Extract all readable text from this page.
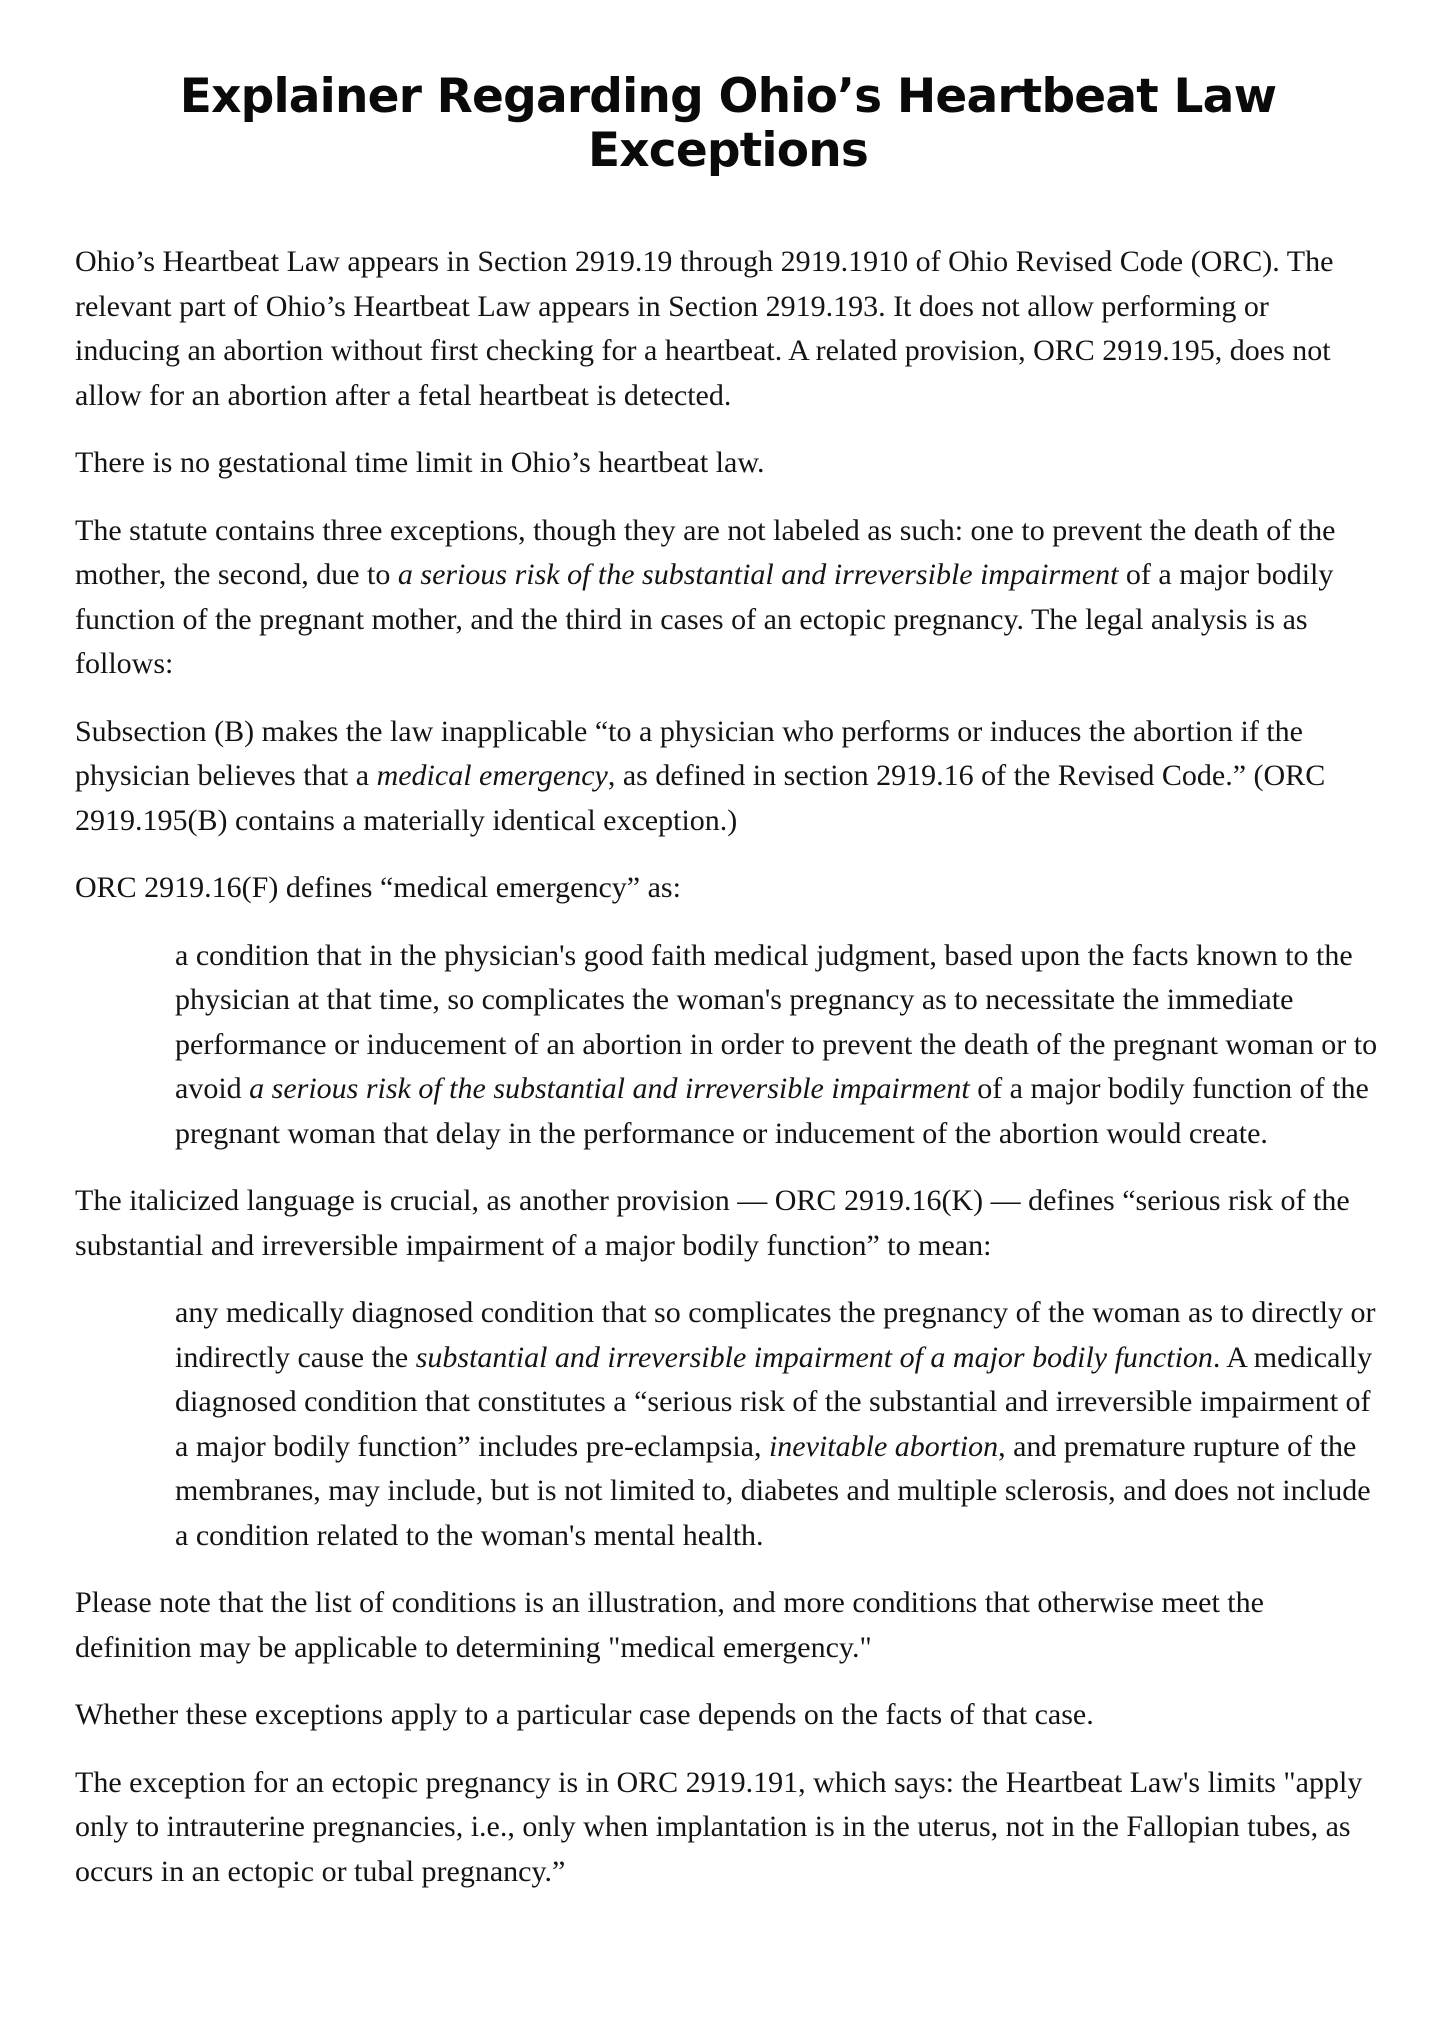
Explainer Regarding Ohio’s Heartbeat Law Exceptions

Ohio’s Heartbeat Law appears in Section 2919.19 through 2919.1910 of Ohio Revised Code (ORC). The relevant part of Ohio’s Heartbeat Law appears in Section 2919.193. It does not allow performing or inducing an abortion without first checking for a heartbeat. A related provision, ORC 2919.195, does not allow for an abortion after a fetal heartbeat is detected.

There is no gestational time limit in Ohio’s heartbeat law.

The statute contains three exceptions, though they are not labeled as such: one to prevent the death of the mother, the second, due to a serious risk of the substantial and irreversible impairment of a major bodily function of the pregnant mother, and the third in cases of an ectopic pregnancy. The legal analysis is as follows:

Subsection (B) makes the law inapplicable “to a physician who performs or induces the abortion if the physician believes that a medical emergency, as defined in section 2919.16 of the Revised Code.” (ORC 2919.195(B) contains a materially identical exception.)

ORC 2919.16(F) defines “medical emergency” as:

a condition that in the physician's good faith medical judgment, based upon the facts known to the physician at that time, so complicates the woman's pregnancy as to necessitate the immediate performance or inducement of an abortion in order to prevent the death of the pregnant woman or to avoid a serious risk of the substantial and irreversible impairment of a major bodily function of the pregnant woman that delay in the performance or inducement of the abortion would create.

The italicized language is crucial, as another provision — ORC 2919.16(K) — defines “serious risk of the substantial and irreversible impairment of a major bodily function” to mean:

any medically diagnosed condition that so complicates the pregnancy of the woman as to directly or indirectly cause the substantial and irreversible impairment of a major bodily function. A medically diagnosed condition that constitutes a “serious risk of the substantial and irreversible impairment of a major bodily function” includes pre-eclampsia, inevitable abortion, and premature rupture of the membranes, may include, but is not limited to, diabetes and multiple sclerosis, and does not include a condition related to the woman's mental health.

Please note that the list of conditions is an illustration, and more conditions that otherwise meet the definition may be applicable to determining "medical emergency."

Whether these exceptions apply to a particular case depends on the facts of that case.

The exception for an ectopic pregnancy is in ORC 2919.191, which says: the Heartbeat Law's limits "apply only to intrauterine pregnancies, i.e., only when implantation is in the uterus, not in the Fallopian tubes, as occurs in an ectopic or tubal pregnancy.”
